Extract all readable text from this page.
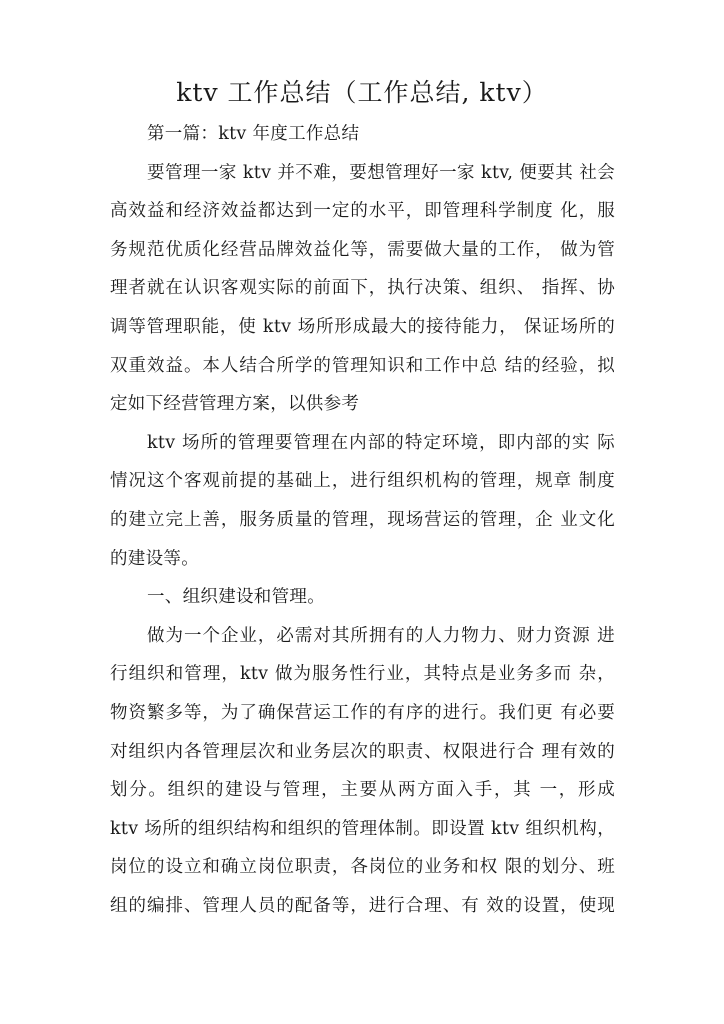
ktv 工作总结（工作总结, ktv）
第一篇：ktv 年度工作总结
要管理一家 ktv 并不难，要想管理好一家 ktv, 便要其 社会
高效益和经济效益都达到一定的水平，即管理科学制度 化，服
务规范优质化经营品牌效益化等，需要做大量的工作， 做为管
理者就在认识客观实际的前面下，执行决策、组织、 指挥、协
调等管理职能，使 ktv 场所形成最大的接待能力， 保证场所的
双重效益。本人结合所学的管理知识和工作中总 结的经验，拟
定如下经营管理方案，以供参考
ktv 场所的管理要管理在内部的特定环境，即内部的实 际
情况这个客观前提的基础上，进行组织机构的管理，规章 制度
的建立完上善，服务质量的管理，现场营运的管理，企 业文化
的建设等。
一、组织建设和管理。
做为一个企业，必需对其所拥有的人力物力、财力资源 进
行组织和管理，ktv 做为服务性行业，其特点是业务多而 杂，
物资繁多等，为了确保营运工作的有序的进行。我们更 有必要
对组织内各管理层次和业务层次的职责、权限进行合 理有效的
划分。组织的建设与管理，主要从两方面入手，其 一，形成
ktv 场所的组织结构和组织的管理体制。即设置 ktv 组织机构，
岗位的设立和确立岗位职责，各岗位的业务和权 限的划分、班
组的编排、管理人员的配备等，进行合理、有 效的设置，使现
